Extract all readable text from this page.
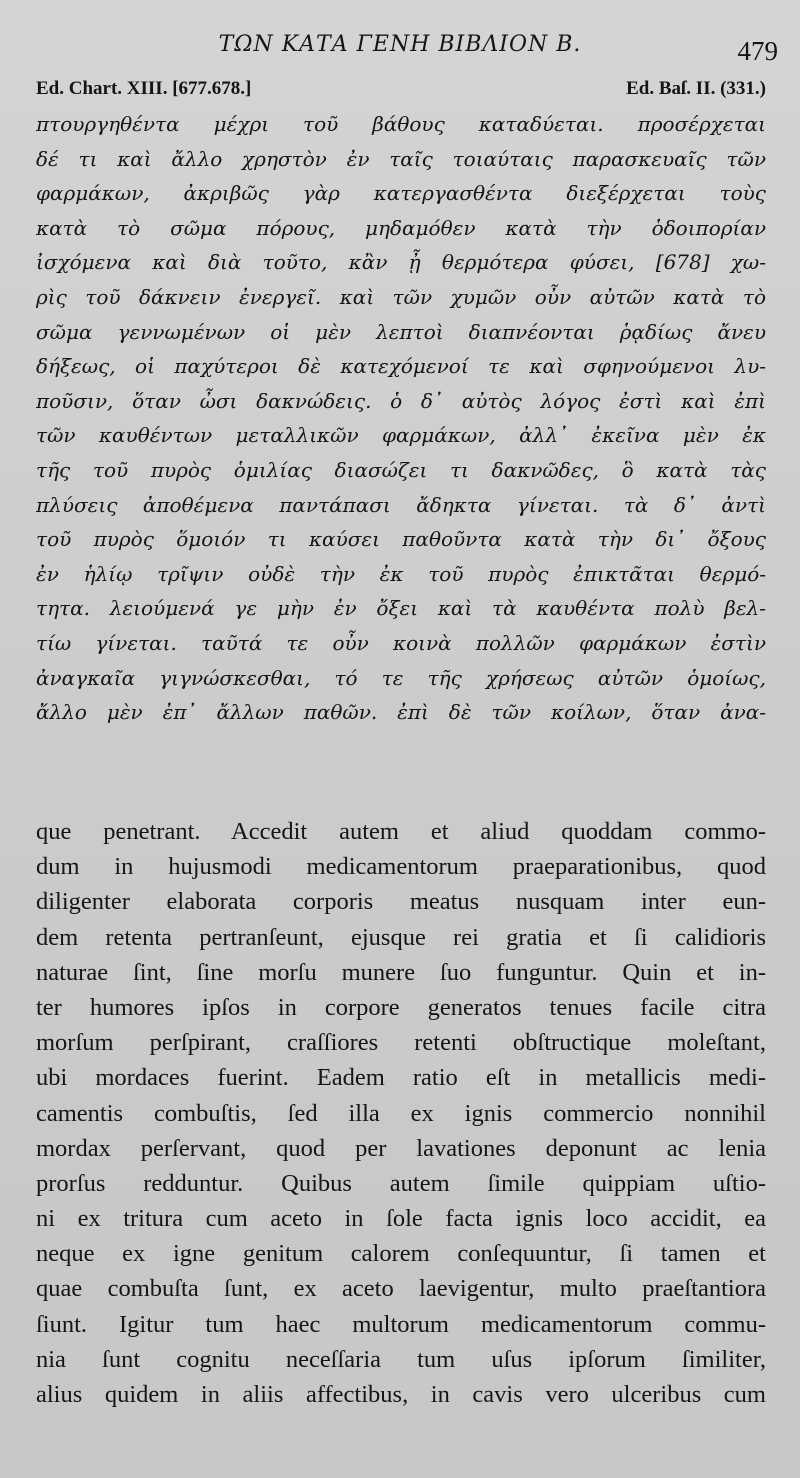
ΤΩΝ ΚΑΤΑ ΓΕΝΗ ΒΙΒΛΙΟΝ Β.	479
Ed. Chart. XIII. [677.678.]	Ed. Baſ. II. (331.)
πτουργηθέντα μέχρι τοῦ βάθους καταδύεται. προσέρχεται
δέ τι καὶ ἄλλο χρηστὸν ἐν ταῖς τοιαύταις παρασκευαῖς τῶν
φαρμάκων, ἀκριβῶς γὰρ κατεργασθέντα διεξέρχεται τοὺς
κατὰ τὸ σῶμα πόρους, μηδαμόθεν κατὰ τὴν ὁδοιπορίαν
ἰσχόμενα καὶ διὰ τοῦτο, κἂν ᾖ θερμότερα φύσει, [678] χω-
ρὶς τοῦ δάκνειν ἐνεργεῖ. καὶ τῶν χυμῶν οὖν αὐτῶν κατὰ τὸ
σῶμα γεννωμένων οἱ μὲν λεπτοὶ διαπνέονται ῥᾳδίως ἄνευ
δήξεως, οἱ παχύτεροι δὲ κατεχόμενοί τε καὶ σφηνούμενοι λυ-
ποῦσιν, ὅταν ὦσι δακνώδεις. ὁ δ᾽ αὐτὸς λόγος ἐστὶ καὶ ἐπὶ
τῶν καυθέντων μεταλλικῶν φαρμάκων, ἀλλ᾽ ἐκεῖνα μὲν ἐκ
τῆς τοῦ πυρὸς ὁμιλίας διασώζει τι δακνῶδες, ὃ κατὰ τὰς
πλύσεις ἀποθέμενα παντάπασι ἄδηκτα γίνεται. τὰ δ᾽ ἀντὶ
τοῦ πυρὸς ὅμοιόν τι καύσει παθοῦντα κατὰ τὴν δι᾽ ὄξους
ἐν ἡλίῳ τρῖψιν οὐδὲ τὴν ἐκ τοῦ πυρὸς ἐπικτᾶται θερμό-
τητα. λειούμενά γε μὴν ἐν ὄξει καὶ τὰ καυθέντα πολὺ βελ-
τίω γίνεται. ταῦτά τε οὖν κοινὰ πολλῶν φαρμάκων ἐστὶν
ἀναγκαῖα γιγνώσκεσθαι, τό τε τῆς χρήσεως αὐτῶν ὁμοίως,
ἄλλο μὲν ἐπ᾽ ἄλλων παθῶν. ἐπὶ δὲ τῶν κοίλων, ὅταν ἀνα-
que penetrant. Accedit autem et aliud quoddam commo-
dum in hujusmodi medicamentorum praeparationibus, quod
diligenter elaborata corporis meatus nusquam inter eun-
dem retenta pertranſeunt, ejusque rei gratia et ſi calidioris
naturae ſint, ſine morſu munere ſuo funguntur. Quin et in-
ter humores ipſos in corpore generatos tenues facile citra
morſum perſpirant, craſſiores retenti obſtructique moleſtant,
ubi mordaces fuerint. Eadem ratio eſt in metallicis medi-
camentis combuſtis, ſed illa ex ignis commercio nonnihil
mordax perſervant, quod per lavationes deponunt ac lenia
prorſus redduntur. Quibus autem ſimile quippiam uſtio-
ni ex tritura cum aceto in ſole facta ignis loco accidit, ea
neque ex igne genitum calorem conſequuntur, ſi tamen et
quae combuſta ſunt, ex aceto laevigentur, multo praeſtantiora
ſiunt. Igitur tum haec multorum medicamentorum commu-
nia ſunt cognitu neceſſaria tum uſus ipſorum ſimiliter,
alius quidem in aliis affectibus, in cavis vero ulceribus cum
